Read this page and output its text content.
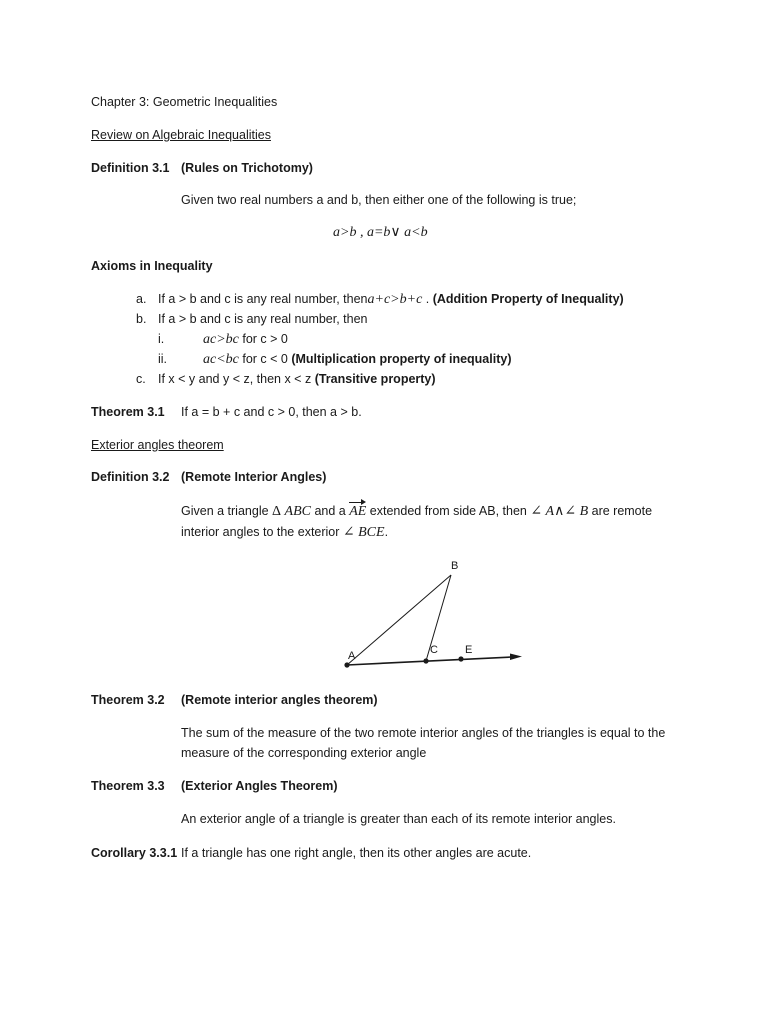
Chapter 3: Geometric Inequalities
Review on Algebraic Inequalities
Definition 3.1 (Rules on Trichotomy)
Given two real numbers a and b, then either one of the following is true;
a>b , a=b∨ a<b
Axioms in Inequality
a. If a > b and c is any real number, thena+c>b+c . (Addition Property of Inequality)
b. If a > b and c is any real number, then
i.	ac>bc for c > 0
ii.	ac<bc for c < 0 (Multiplication property of inequality)
c. If x < y and y < z, then x < z (Transitive property)
Theorem 3.1 If a = b + c and c > 0, then a > b.
Exterior angles theorem
Definition 3.2 (Remote Interior Angles)
Given a triangle Δ ABC and a AE extended from side AB, then ∠ A∧∠ B are remote
interior angles to the exterior ∠ BCE.
B
A	C E
Theorem 3.2 (Remote interior angles theorem)
The sum of the measure of the two remote interior angles of the triangles is equal to the
measure of the corresponding exterior angle
Theorem 3.3 (Exterior Angles Theorem)
An exterior angle of a triangle is greater than each of its remote interior angles.
Corollary 3.3.1 If a triangle has one right angle, then its other angles are acute.
